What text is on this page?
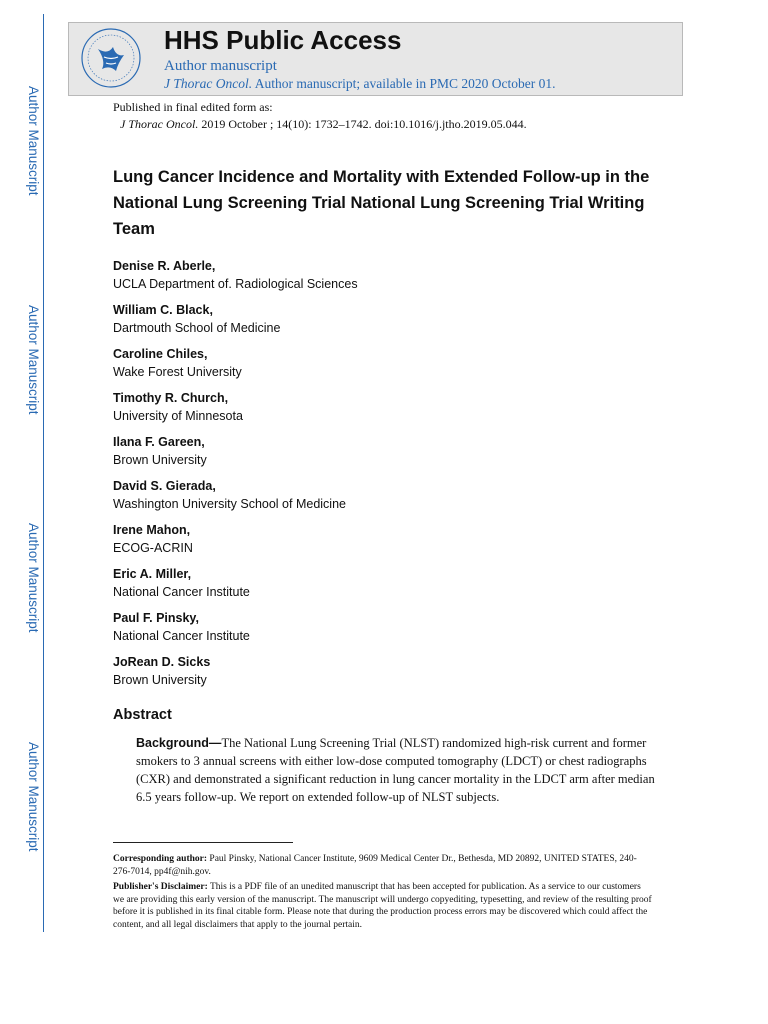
Author Manuscript
Author Manuscript
Author Manuscript
Author Manuscript
HHS Public Access
Author manuscript
J Thorac Oncol. Author manuscript; available in PMC 2020 October 01.
Published in final edited form as:
J Thorac Oncol. 2019 October ; 14(10): 1732–1742. doi:10.1016/j.jtho.2019.05.044.
Lung Cancer Incidence and Mortality with Extended Follow-up in the National Lung Screening Trial National Lung Screening Trial Writing Team
Denise R. Aberle,
UCLA Department of. Radiological Sciences
William C. Black,
Dartmouth School of Medicine
Caroline Chiles,
Wake Forest University
Timothy R. Church,
University of Minnesota
Ilana F. Gareen,
Brown University
David S. Gierada,
Washington University School of Medicine
Irene Mahon,
ECOG-ACRIN
Eric A. Miller,
National Cancer Institute
Paul F. Pinsky,
National Cancer Institute
JoRean D. Sicks
Brown University
Abstract
Background—The National Lung Screening Trial (NLST) randomized high-risk current and former smokers to 3 annual screens with either low-dose computed tomography (LDCT) or chest radiographs (CXR) and demonstrated a significant reduction in lung cancer mortality in the LDCT arm after median 6.5 years follow-up. We report on extended follow-up of NLST subjects.

Corresponding author: Paul Pinsky, National Cancer Institute, 9609 Medical Center Dr., Bethesda, MD 20892, UNITED STATES, 240-276-7014, pp4f@nih.gov.

Publisher's Disclaimer: This is a PDF file of an unedited manuscript that has been accepted for publication. As a service to our customers we are providing this early version of the manuscript. The manuscript will undergo copyediting, typesetting, and review of the resulting proof before it is published in its final citable form. Please note that during the production process errors may be discovered which could affect the content, and all legal disclaimers that apply to the journal pertain.
